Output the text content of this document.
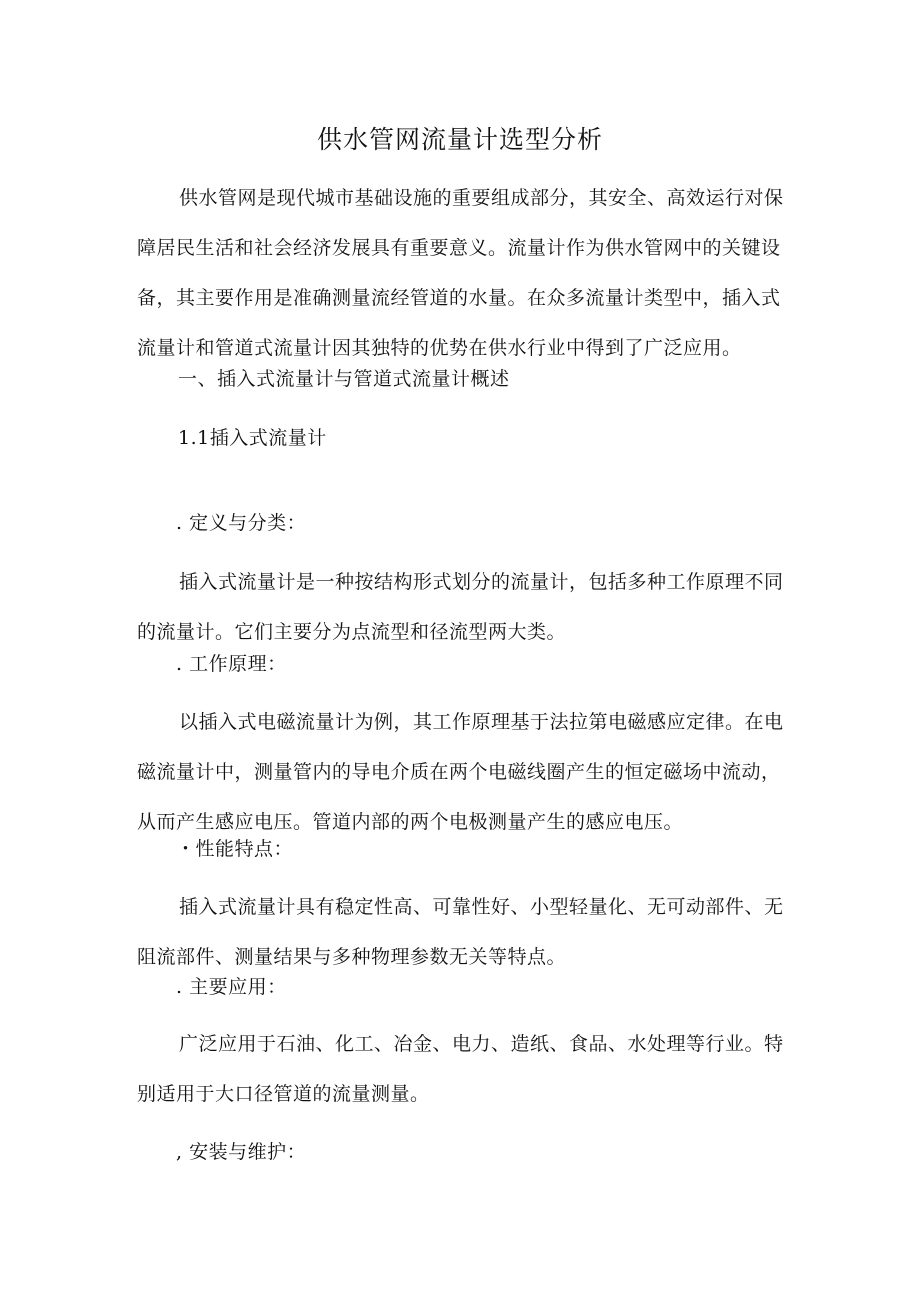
供水管网流量计选型分析

供水管网是现代城市基础设施的重要组成部分，其安全、高效运行对保障居民生活和社会经济发展具有重要意义。流量计作为供水管网中的关键设备，其主要作用是准确测量流经管道的水量。在众多流量计类型中，插入式流量计和管道式流量计因其独特的优势在供水行业中得到了广泛应用。

一、插入式流量计与管道式流量计概述
1.1插入式流量计
. 定义与分类：

插入式流量计是一种按结构形式划分的流量计，包括多种工作原理不同的流量计。它们主要分为点流型和径流型两大类。

. 工作原理：

以插入式电磁流量计为例，其工作原理基于法拉第电磁感应定律。在电磁流量计中，测量管内的导电介质在两个电磁线圈产生的恒定磁场中流动，从而产生感应电压。管道内部的两个电极测量产生的感应电压。

・性能特点：

插入式流量计具有稳定性高、可靠性好、小型轻量化、无可动部件、无阻流部件、测量结果与多种物理参数无关等特点。

. 主要应用：

广泛应用于石油、化工、冶金、电力、造纸、食品、水处理等行业。特别适用于大口径管道的流量测量。

, 安装与维护：
